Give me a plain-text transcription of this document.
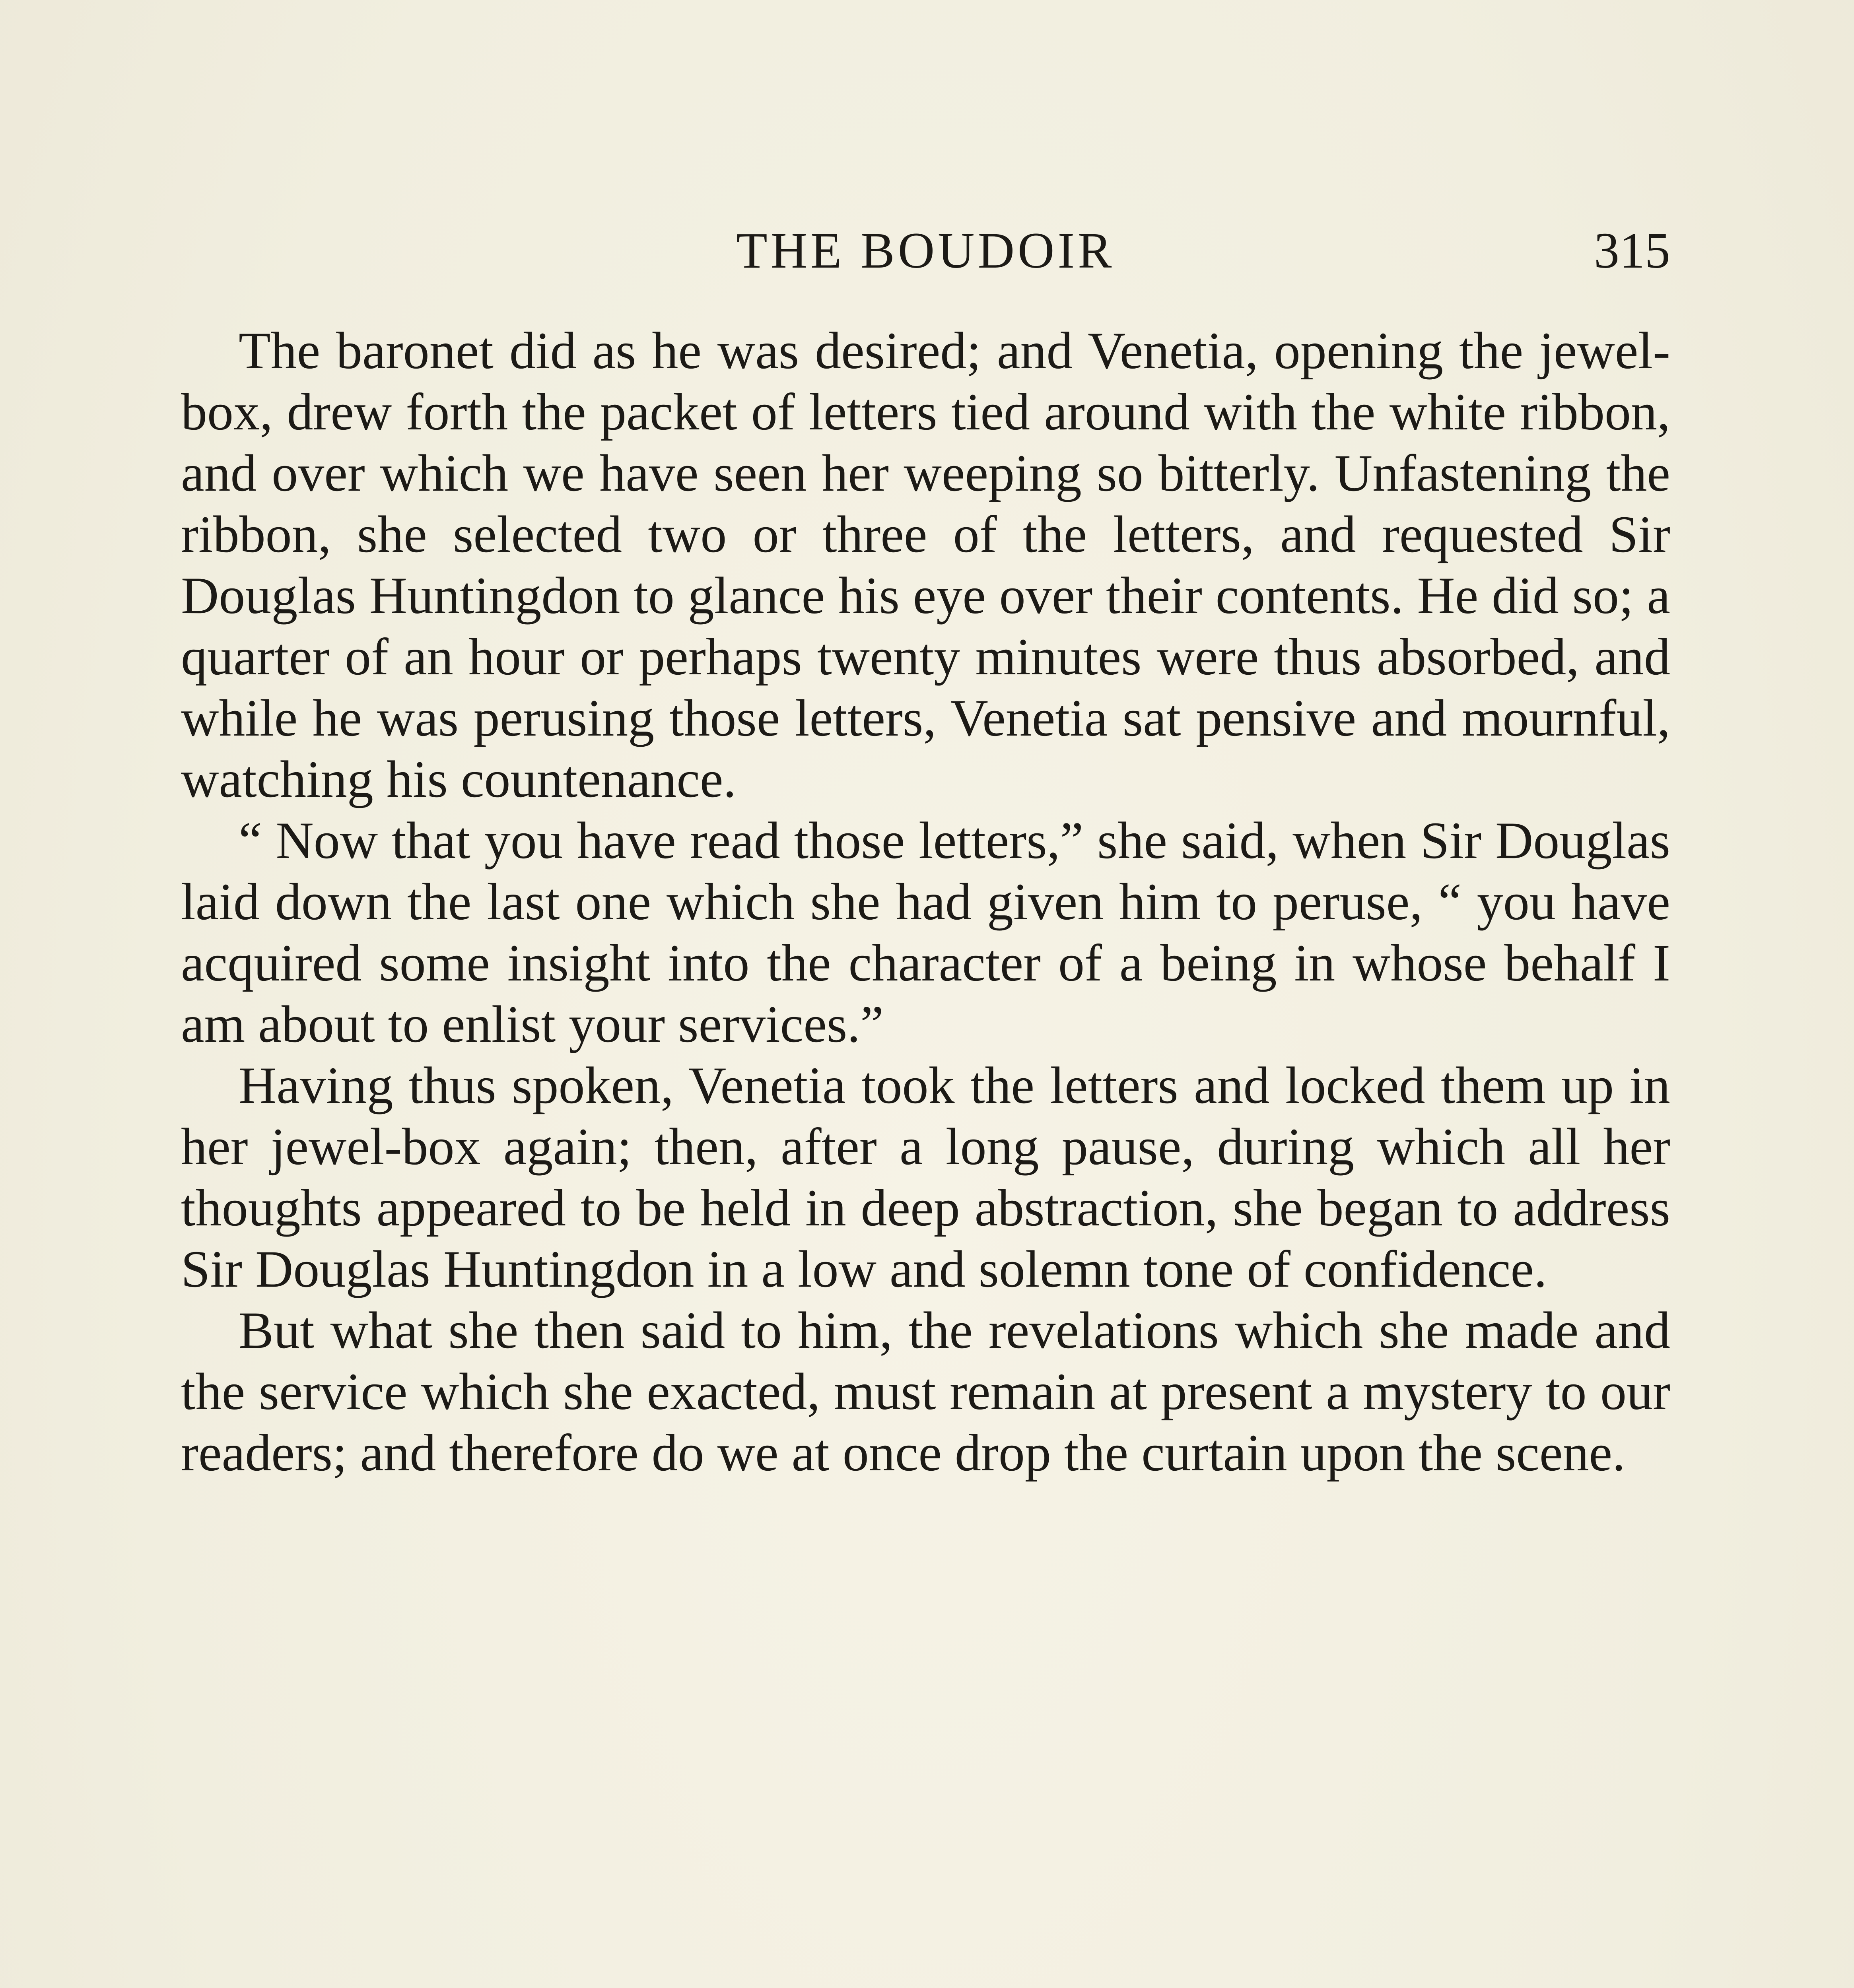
THE BOUDOIR	315

The baronet did as he was desired; and Venetia, opening the jewel-box, drew forth the packet of letters tied around with the white ribbon, and over which we have seen her weeping so bitterly. Unfastening the ribbon, she selected two or three of the letters, and requested Sir Douglas Huntingdon to glance his eye over their contents. He did so; a quarter of an hour or perhaps twenty minutes were thus absorbed, and while he was perusing those letters, Venetia sat pensive and mournful, watching his countenance.

“ Now that you have read those letters,” she said, when Sir Douglas laid down the last one which she had given him to peruse, “ you have acquired some insight into the character of a being in whose behalf I am about to enlist your services.”

Having thus spoken, Venetia took the letters and locked them up in her jewel-box again; then, after a long pause, during which all her thoughts appeared to be held in deep abstraction, she began to address Sir Douglas Huntingdon in a low and solemn tone of confidence.

But what she then said to him, the revelations which she made and the service which she exacted, must remain at present a mystery to our readers; and therefore do we at once drop the curtain upon the scene.
